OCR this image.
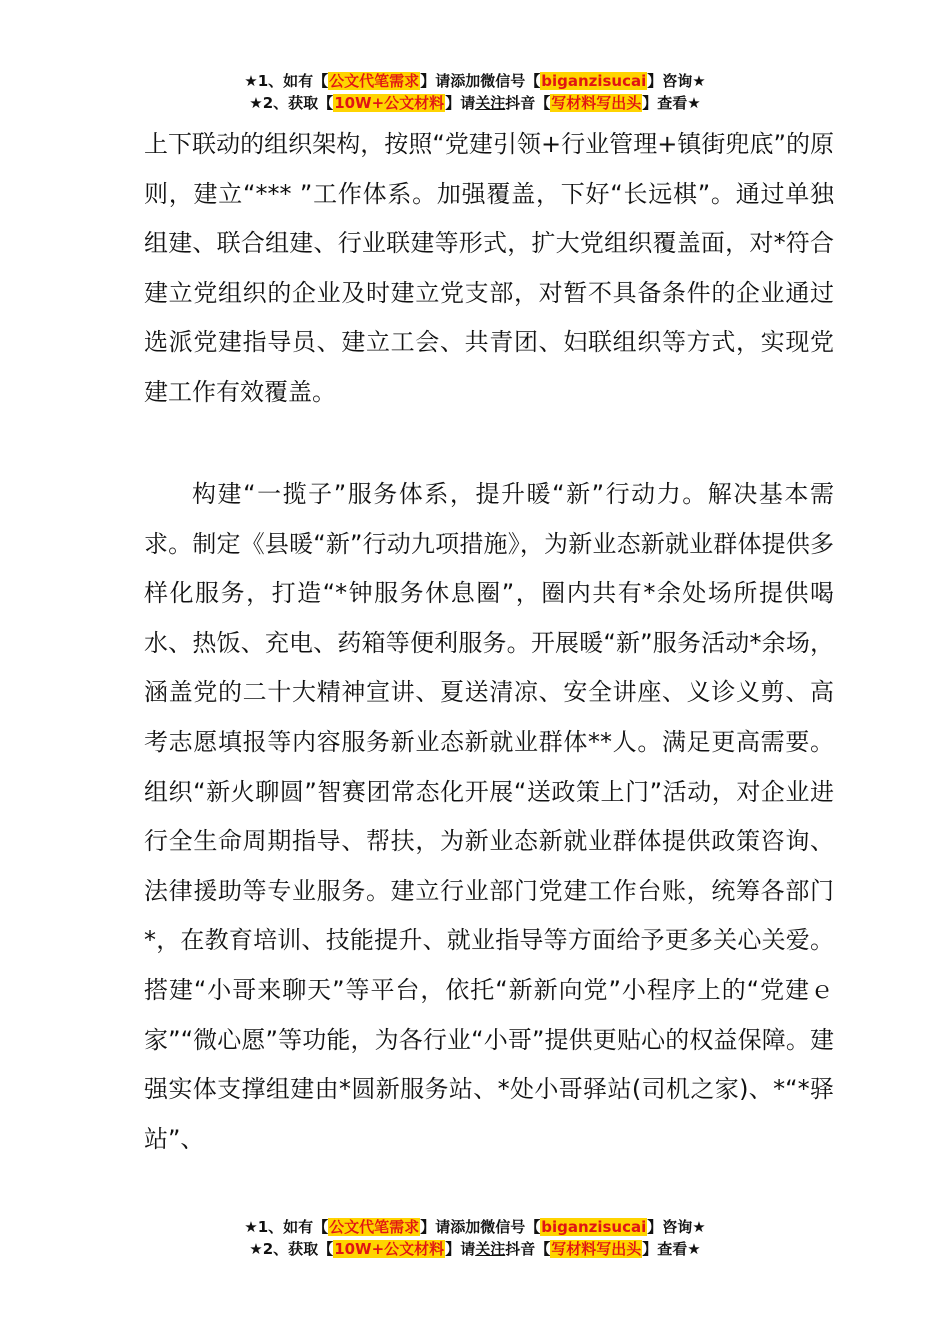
★1、如有【公文代笔需求】请添加微信号【biganzisucai】咨询★
★2、获取【10W+公文材料】请关注抖音【写材料写出头】查看★

上下联动的组织架构，按照“党建引领+行业管理+镇街兜底”的原则，建立“*** ”工作体系。加强覆盖，下好“长远棋”。通过单独组建、联合组建、行业联建等形式，扩大党组织覆盖面，对*符合建立党组织的企业及时建立党支部，对暂不具备条件的企业通过选派党建指导员、建立工会、共青团、妇联组织等方式，实现党建工作有效覆盖。

构建“一揽子”服务体系，提升暖“新”行动力。解决基本需求。制定《县暖“新”行动九项措施》，为新业态新就业群体提供多样化服务，打造“*钟服务休息圈”，圈内共有*余处场所提供喝水、热饭、充电、药箱等便利服务。开展暖“新”服务活动*余场，涵盖党的二十大精神宣讲、夏送清凉、安全讲座、义诊义剪、高考志愿填报等内容服务新业态新就业群体**人。满足更高需要。组织“新火聊圆”智赛团常态化开展“送政策上门”活动，对企业进行全生命周期指导、帮扶，为新业态新就业群体提供政策咨询、法律援助等专业服务。建立行业部门党建工作台账，统筹各部门*，在教育培训、技能提升、就业指导等方面给予更多关心关爱。搭建“小哥来聊天”等平台，依托“新新向党”小程序上的“党建ｅ家”“微心愿”等功能，为各行业“小哥”提供更贴心的权益保障。建强实体支撑组建由*圆新服务站、*处小哥驿站(司机之家)、*“*驿站”、

★1、如有【公文代笔需求】请添加微信号【biganzisucai】咨询★
★2、获取【10W+公文材料】请关注抖音【写材料写出头】查看★
